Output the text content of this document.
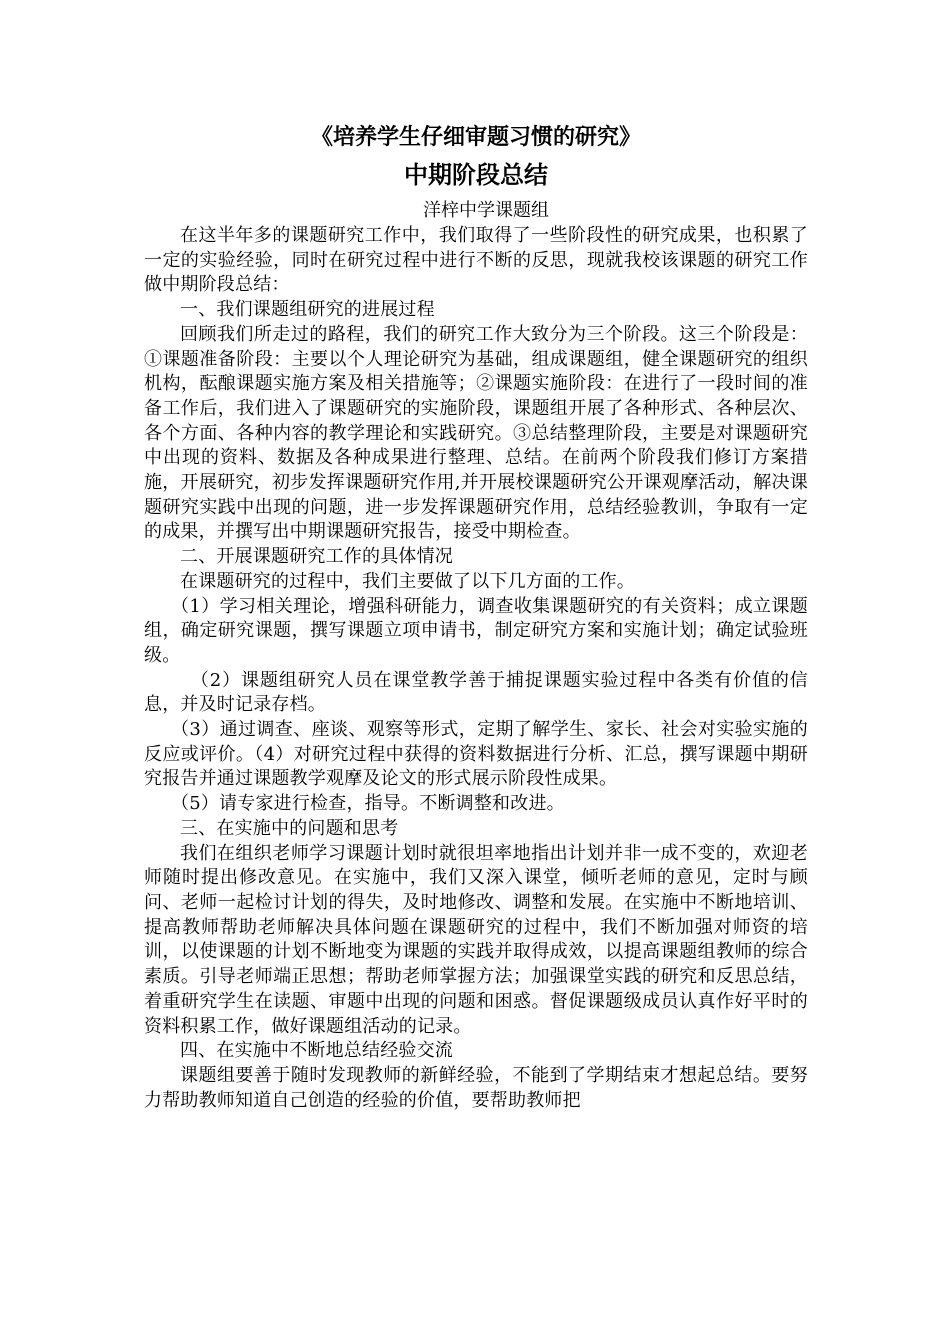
《培养学生仔细审题习惯的研究》
中期阶段总结

洋梓中学课题组

在这半年多的课题研究工作中，我们取得了一些阶段性的研究成果，也积累了一定的实验经验，同时在研究过程中进行不断的反思，现就我校该课题的研究工作做中期阶段总结：

一、我们课题组研究的进展过程

回顾我们所走过的路程，我们的研究工作大致分为三个阶段。这三个阶段是：①课题准备阶段：主要以个人理论研究为基础，组成课题组，健全课题研究的组织机构，酝酿课题实施方案及相关措施等；②课题实施阶段：在进行了一段时间的准备工作后，我们进入了课题研究的实施阶段，课题组开展了各种形式、各种层次、各个方面、各种内容的教学理论和实践研究。③总结整理阶段，主要是对课题研究中出现的资料、数据及各种成果进行整理、总结。在前两个阶段我们修订方案措施，开展研究，初步发挥课题研究作用,并开展校课题研究公开课观摩活动，解决课题研究实践中出现的问题，进一步发挥课题研究作用，总结经验教训，争取有一定的成果，并撰写出中期课题研究报告，接受中期检查。

二、开展课题研究工作的具体情况

在课题研究的过程中，我们主要做了以下几方面的工作。

（1）学习相关理论，增强科研能力，调查收集课题研究的有关资料；成立课题组，确定研究课题，撰写课题立项申请书，制定研究方案和实施计划；确定试验班级。

（2）课题组研究人员在课堂教学善于捕捉课题实验过程中各类有价值的信息，并及时记录存档。

（3）通过调查、座谈、观察等形式，定期了解学生、家长、社会对实验实施的反应或评价。（4）对研究过程中获得的资料数据进行分析、汇总，撰写课题中期研究报告并通过课题教学观摩及论文的形式展示阶段性成果。

（5）请专家进行检查，指导。不断调整和改进。

三、在实施中的问题和思考

我们在组织老师学习课题计划时就很坦率地指出计划并非一成不变的，欢迎老师随时提出修改意见。在实施中，我们又深入课堂，倾听老师的意见，定时与顾问、老师一起检讨计划的得失，及时地修改、调整和发展。在实施中不断地培训、提高教师帮助老师解决具体问题在课题研究的过程中，我们不断加强对师资的培训，以使课题的计划不断地变为课题的实践并取得成效，以提高课题组教师的综合素质。引导老师端正思想；帮助老师掌握方法；加强课堂实践的研究和反思总结，着重研究学生在读题、审题中出现的问题和困惑。督促课题级成员认真作好平时的资料积累工作，做好课题组活动的记录。

四、在实施中不断地总结经验交流

课题组要善于随时发现教师的新鲜经验，不能到了学期结束才想起总结。要努力帮助教师知道自己创造的经验的价值，要帮助教师把
